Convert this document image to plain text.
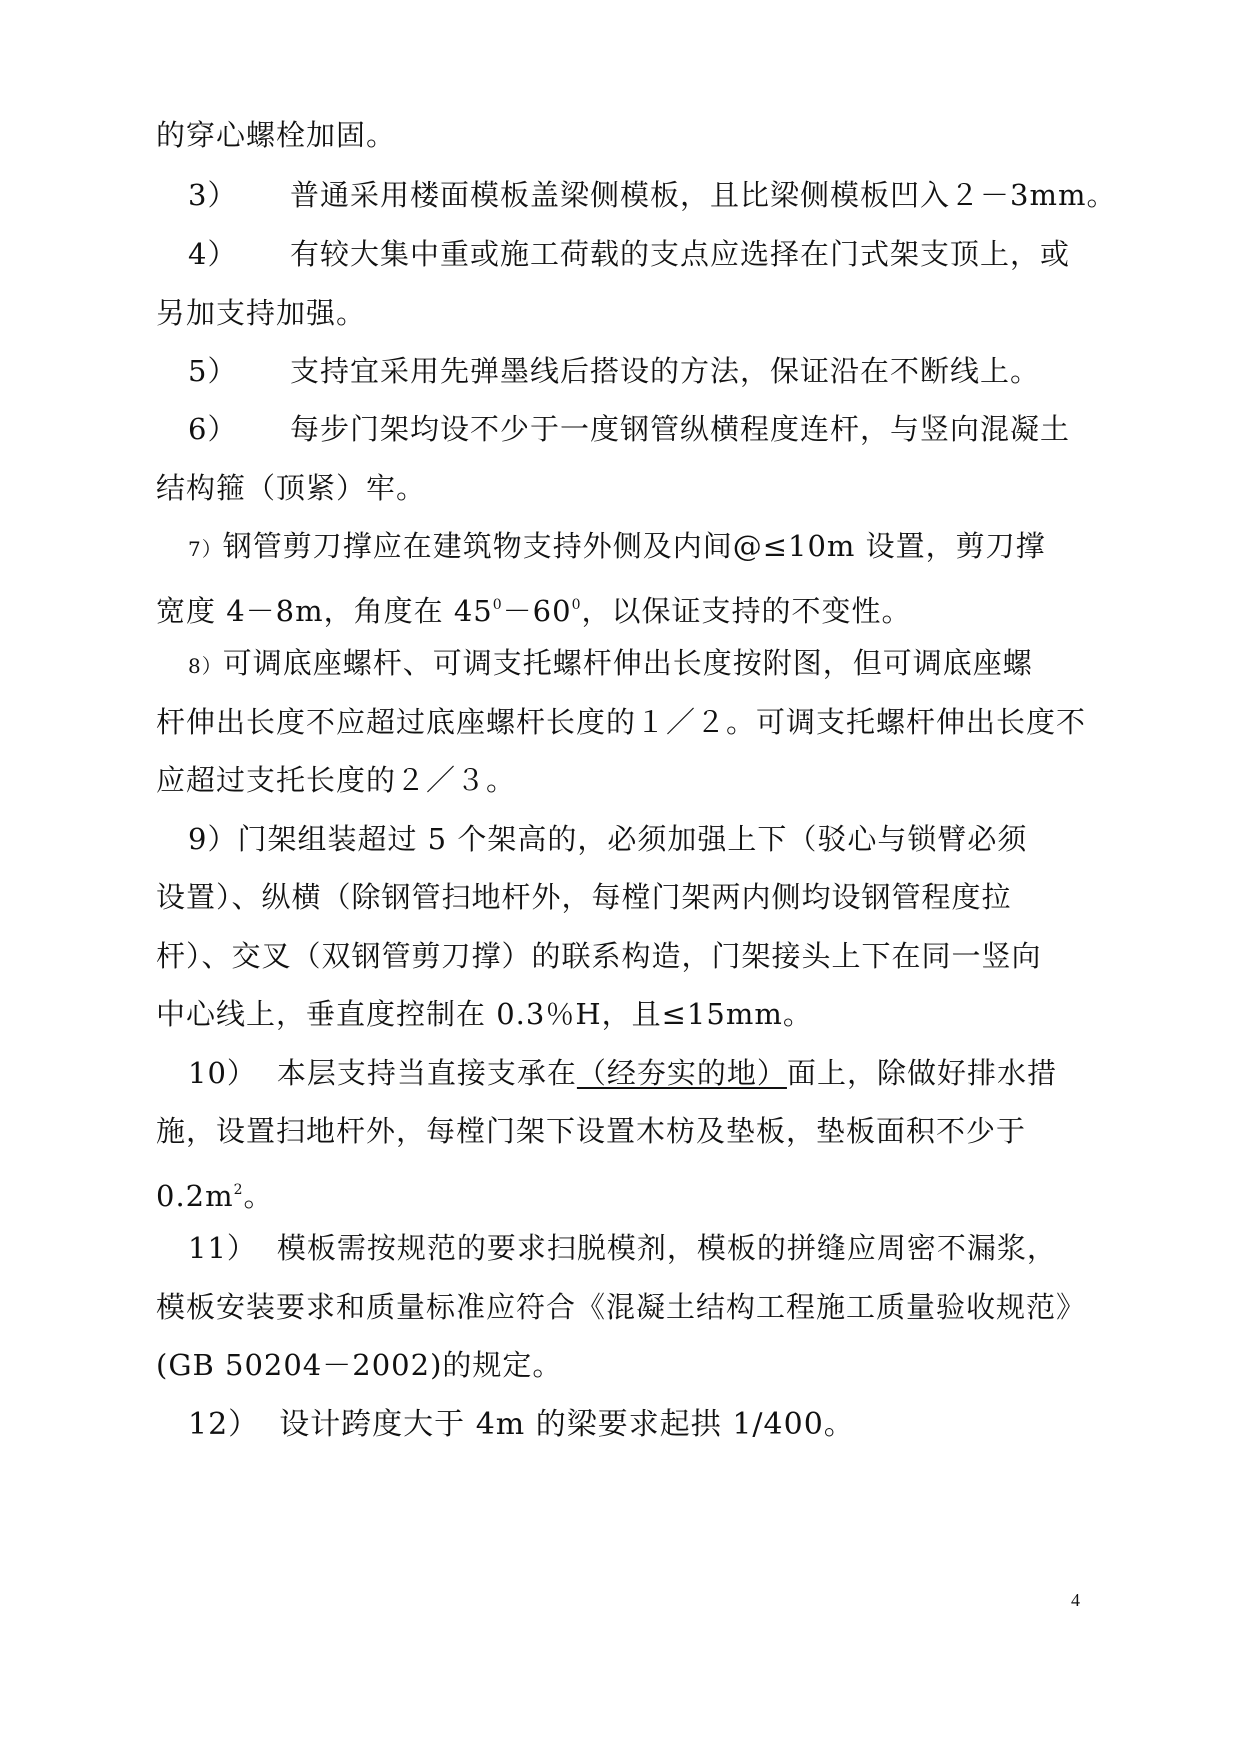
的穿心螺栓加固。
3） 普通采用楼面模板盖梁侧模板，且比梁侧模板凹入２－3mm。
4） 有较大集中重或施工荷载的支点应选择在门式架支顶上，或
另加支持加强。
5） 支持宜采用先弹墨线后搭设的方法，保证沿在不断线上。
6） 每步门架均设不少于一度钢管纵横程度连杆，与竖向混凝土
结构箍（顶紧）牢。
7）钢管剪刀撑应在建筑物支持外侧及内间@≤10m 设置，剪刀撑
宽度 4－8m，角度在 $45^0-60^0$，以保证支持的不变性。
8）可调底座螺杆、可调支托螺杆伸出长度按附图，但可调底座螺
杆伸出长度不应超过底座螺杆长度的１／２。可调支托螺杆伸出长度不
应超过支托长度的２／３。
9）门架组装超过 5 个架高的，必须加强上下（驳心与锁臂必须
设置）、纵横（除钢管扫地杆外，每樘门架两内侧均设钢管程度拉
杆）、交叉（双钢管剪刀撑）的联系构造，门架接头上下在同一竖向
中心线上，垂直度控制在 0.3％H，且≤15mm。
10） 本层支持当直接支承在（经夯实的地）面上，除做好排水措
施，设置扫地杆外，每樘门架下设置木枋及垫板，垫板面积不少于
$0.2m^2$。
11） 模板需按规范的要求扫脱模剂，模板的拼缝应周密不漏浆，
模板安装要求和质量标准应符合《混凝土结构工程施工质量验收规范》
(GB 50204－2002)的规定。
12） 设计跨度大于 4m 的梁要求起拱 1/400。
4
